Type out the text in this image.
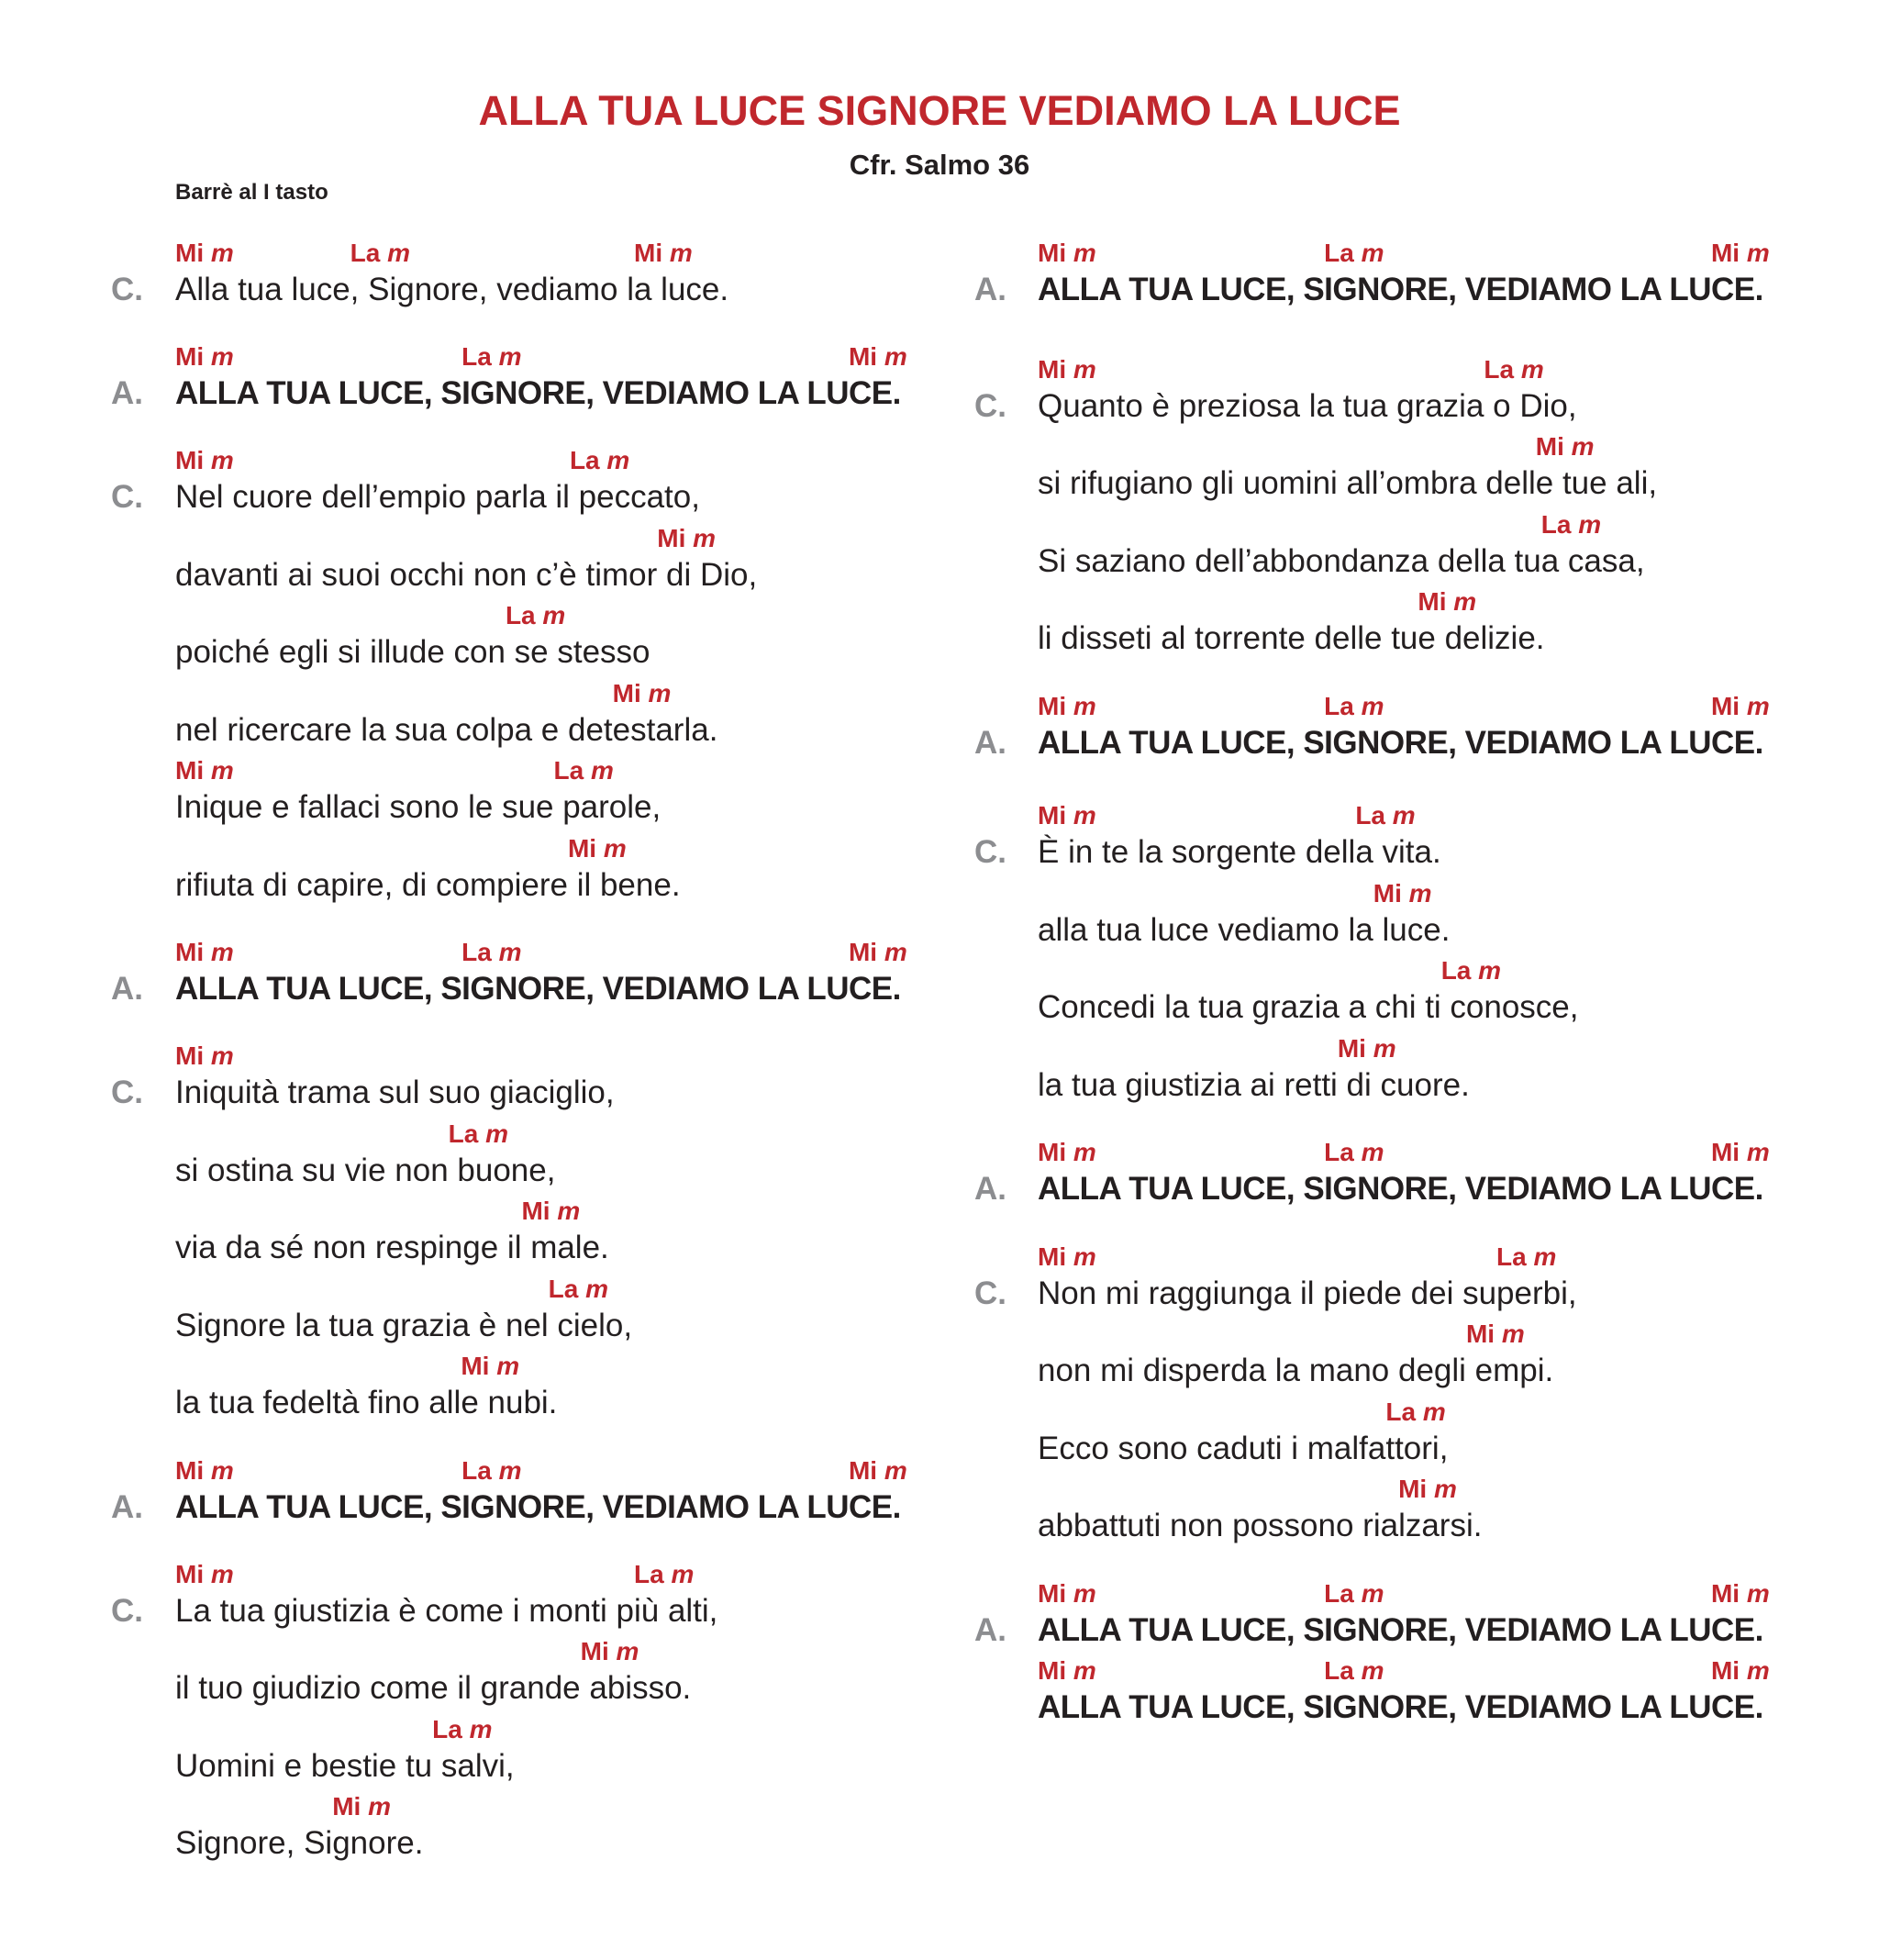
ALLA TUA LUCE SIGNORE VEDIAMO LA LUCE
Cfr. Salmo 36
Barrè al I tasto
C. Alla tua luce, Signore, vediamo la luce.
Mi m	La m	Mi m
A. ALLA TUA LUCE, SIGNORE, VEDIAMO LA LUCE.
Mi m	La m	Mi m
C. Nel cuore dell’empio parla il peccato,
Mi m	La m
davanti ai suoi occhi non c’è timor di Dio,
Mi m
poiché egli si illude con se stesso
La m
nel ricercare la sua colpa e detestarla.
Mi m
Inique e fallaci sono le sue parole,
Mi m	La m
rifiuta di capire, di compiere il bene.
Mi m
A. ALLA TUA LUCE, SIGNORE, VEDIAMO LA LUCE.
Mi m	La m	Mi m
C. Iniquità trama sul suo giaciglio,
Mi m
si ostina su vie non buone,
La m
via da sé non respinge il male.
Mi m
Signore la tua grazia è nel cielo,
La m
la tua fedeltà fino alle nubi.
Mi m
A. ALLA TUA LUCE, SIGNORE, VEDIAMO LA LUCE.
Mi m	La m	Mi m
C. La tua giustizia è come i monti più alti,
Mi m	La m
il tuo giudizio come il grande abisso.
Mi m
Uomini e bestie tu salvi,
La m
Signore, Signore.
Mi m
A. ALLA TUA LUCE, SIGNORE, VEDIAMO LA LUCE.
Mi m	La m	Mi m
C. Quanto è preziosa la tua grazia o Dio,
Mi m	La m
si rifugiano gli uomini all’ombra delle tue ali,
Mi m
Si saziano dell’abbondanza della tua casa,
La m
li disseti al torrente delle tue delizie.
Mi m
A. ALLA TUA LUCE, SIGNORE, VEDIAMO LA LUCE.
Mi m	La m	Mi m
C. È in te la sorgente della vita.
Mi m	La m
alla tua luce vediamo la luce.
Mi m
Concedi la tua grazia a chi ti conosce,
La m
la tua giustizia ai retti di cuore.
Mi m
A. ALLA TUA LUCE, SIGNORE, VEDIAMO LA LUCE.
Mi m	La m	Mi m
C. Non mi raggiunga il piede dei superbi,
Mi m	La m
non mi disperda la mano degli empi.
Mi m
Ecco sono caduti i malfattori,
La m
abbattuti non possono rialzarsi.
Mi m
A. ALLA TUA LUCE, SIGNORE, VEDIAMO LA LUCE.
Mi m	La m	Mi m
ALLA TUA LUCE, SIGNORE, VEDIAMO LA LUCE.
Mi m	La m	Mi m
